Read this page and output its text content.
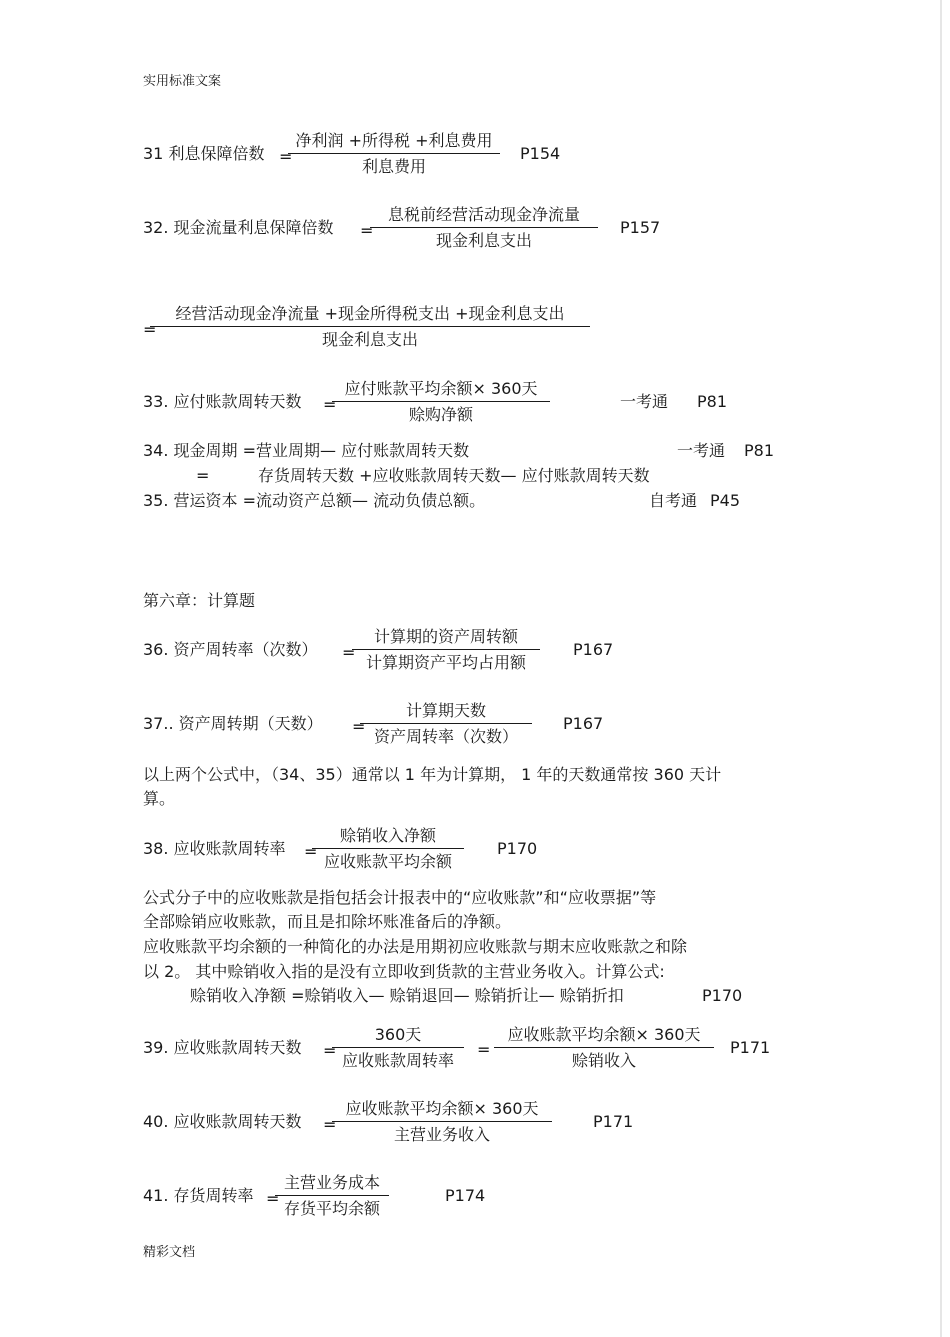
实用标准文案
31 利息保障倍数 =
净利润 +所得税 +利息费用
利息费用
P154
32. 现金流量利息保障倍数 =
息税前经营活动现金净流量
现金利息支出
P157
=
经营活动现金净流量 +现金所得税支出 +现金利息支出
现金利息支出
33. 应付账款周转天数 =
应付账款平均余额× 360天
赊购净额
一考通 P81
34. 现金周期 =营业周期— 应付账款周转天数	一考通 P81
=	存货周转天数 +应收账款周转天数— 应付账款周转天数
35. 营运资本 =流动资产总额— 流动负债总额。	自考通 P45
第六章：计算题
36. 资产周转率（次数） =
计算期的资产周转额
计算期资产平均占用额
P167
37.. 资产周转期（天数） =
计算期天数
资产周转率（次数）
P167
以上两个公式中，（34、35）通常以 1 年为计算期， 1 年的天数通常按 360 天计
算。
38. 应收账款周转率 =
赊销收入净额
应收账款平均余额
P170
公式分子中的应收账款是指包括会计报表中的“应收账款”和“应收票据”等
全部赊销应收账款，而且是扣除坏账准备后的净额。
应收账款平均余额的一种简化的办法是用期初应收账款与期末应收账款之和除
以 2。 其中赊销收入指的是没有立即收到货款的主营业务收入。计算公式:
赊销收入净额 =赊销收入— 赊销退回— 赊销折让— 赊销折扣	P170
39. 应收账款周转天数 =
360天
应收账款周转率
=
应收账款平均余额× 360天
赊销收入
P171
40. 应收账款周转天数 =
应收账款平均余额× 360天
主营业务收入
P171
41. 存货周转率 =
主营业务成本
存货平均余额
P174
精彩文档
